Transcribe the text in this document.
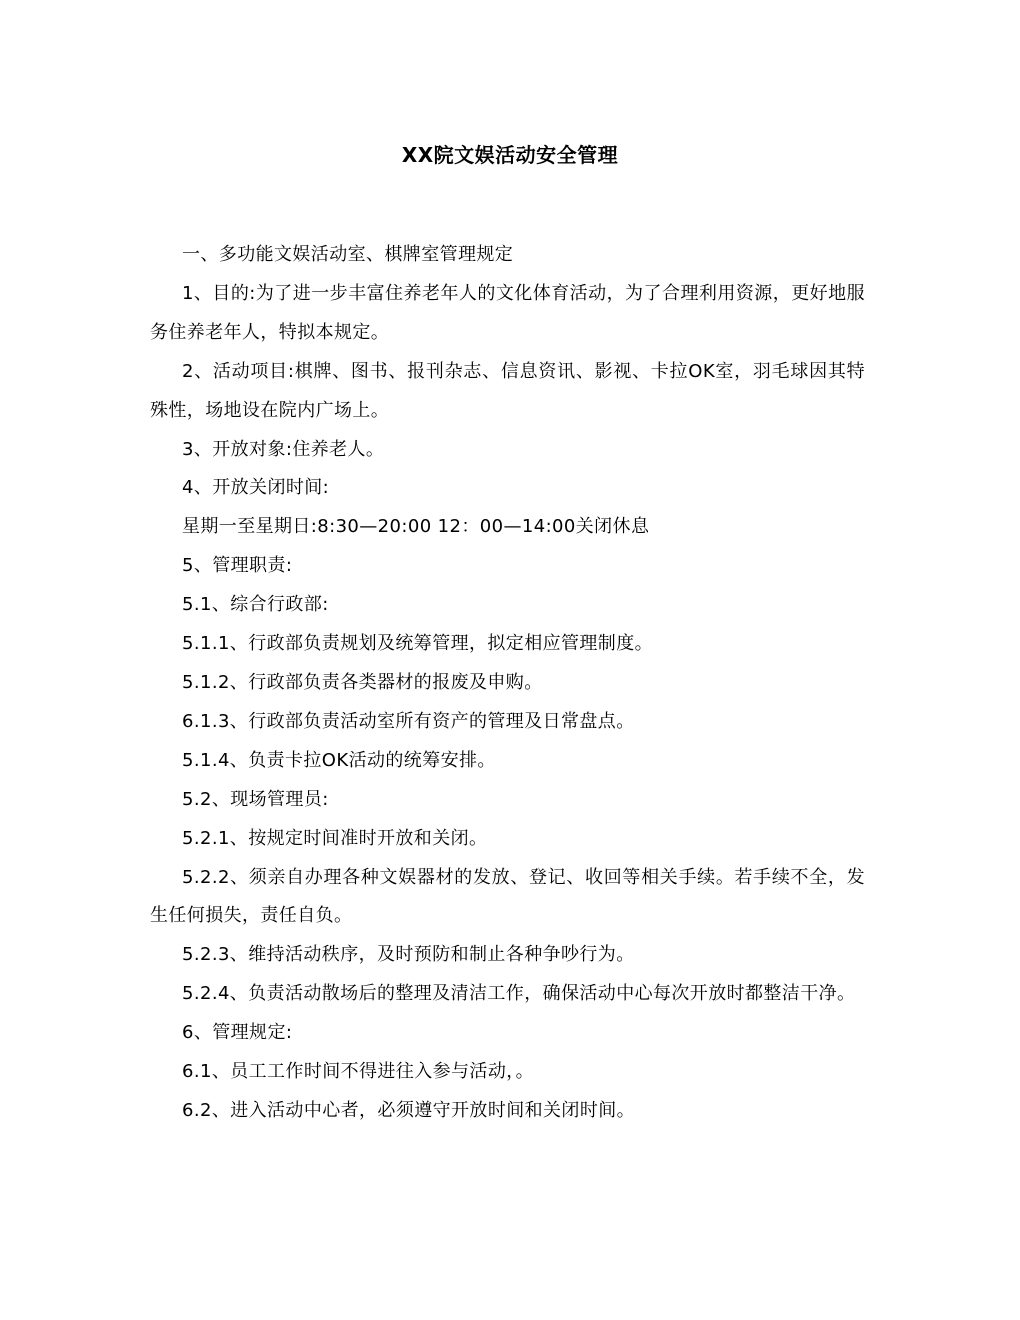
XX院文娱活动安全管理

一、多功能文娱活动室、棋牌室管理规定

1、目的:为了进一步丰富住养老年人的文化体育活动，为了合理利用资源，更好地服务住养老年人，特拟本规定。

2、活动项目:棋牌、图书、报刊杂志、信息资讯、影视、卡拉OK室，羽毛球因其特殊性，场地设在院内广场上。

3、开放对象:住养老人。

4、开放关闭时间:

星期一至星期日:8:30—20:00 12：00—14:00关闭休息

5、管理职责:

5.1、综合行政部:

5.1.1、行政部负责规划及统筹管理，拟定相应管理制度。

5.1.2、行政部负责各类器材的报废及申购。

6.1.3、行政部负责活动室所有资产的管理及日常盘点。

5.1.4、负责卡拉OK活动的统筹安排。

5.2、现场管理员:

5.2.1、按规定时间准时开放和关闭。

5.2.2、须亲自办理各种文娱器材的发放、登记、收回等相关手续。若手续不全，发生任何损失，责任自负。

5.2.3、维持活动秩序，及时预防和制止各种争吵行为。

5.2.4、负责活动散场后的整理及清洁工作，确保活动中心每次开放时都整洁干净。

6、管理规定:

6.1、员工工作时间不得进往入参与活动，。

6.2、进入活动中心者，必须遵守开放时间和关闭时间。
